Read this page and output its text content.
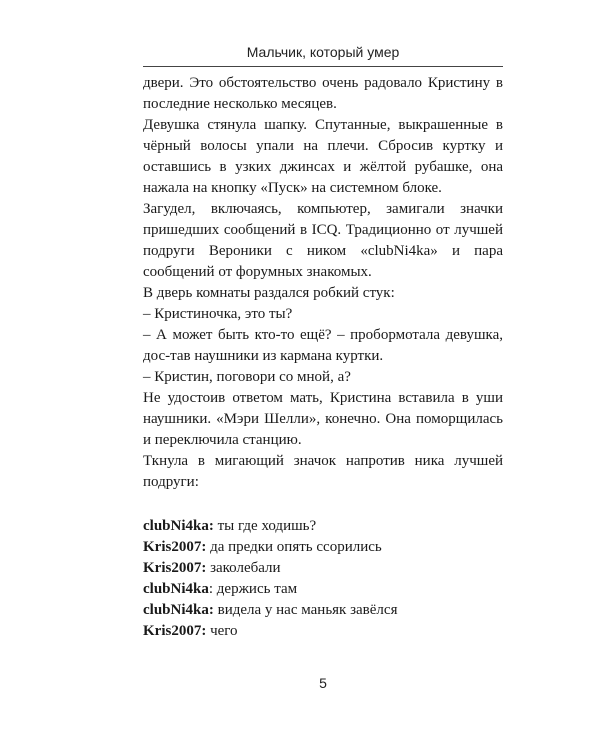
Мальчик, который умер

двери. Это обстоятельство очень радовало Кристину в последние несколько месяцев.

Девушка стянула шапку. Спутанные, выкрашенные в чёрный волосы упали на плечи. Сбросив куртку и оставшись в узких джинсах и жёлтой рубашке, она нажала на кнопку «Пуск» на системном блоке.

Загудел, включаясь, компьютер, замигали значки пришедших сообщений в ICQ. Традиционно от лучшей подруги Вероники с ником «clubNi4ka» и пара сообщений от форумных знакомых.

В дверь комнаты раздался робкий стук:

– Кристиночка, это ты?

– А может быть кто-то ещё? – пробормотала девушка, дос-тав наушники из кармана куртки.

– Кристин, поговори со мной, а?

Не удостоив ответом мать, Кристина вставила в уши наушники. «Мэри Шелли», конечно. Она поморщилась и переключила станцию.

Ткнула в мигающий значок напротив ника лучшей подруги:

clubNi4ka: ты где ходишь?

Kris2007: да предки опять ссорились

Kris2007: заколебали

clubNi4ka: держись там

clubNi4ka: видела у нас маньяк завёлся

Kris2007: чего

5
